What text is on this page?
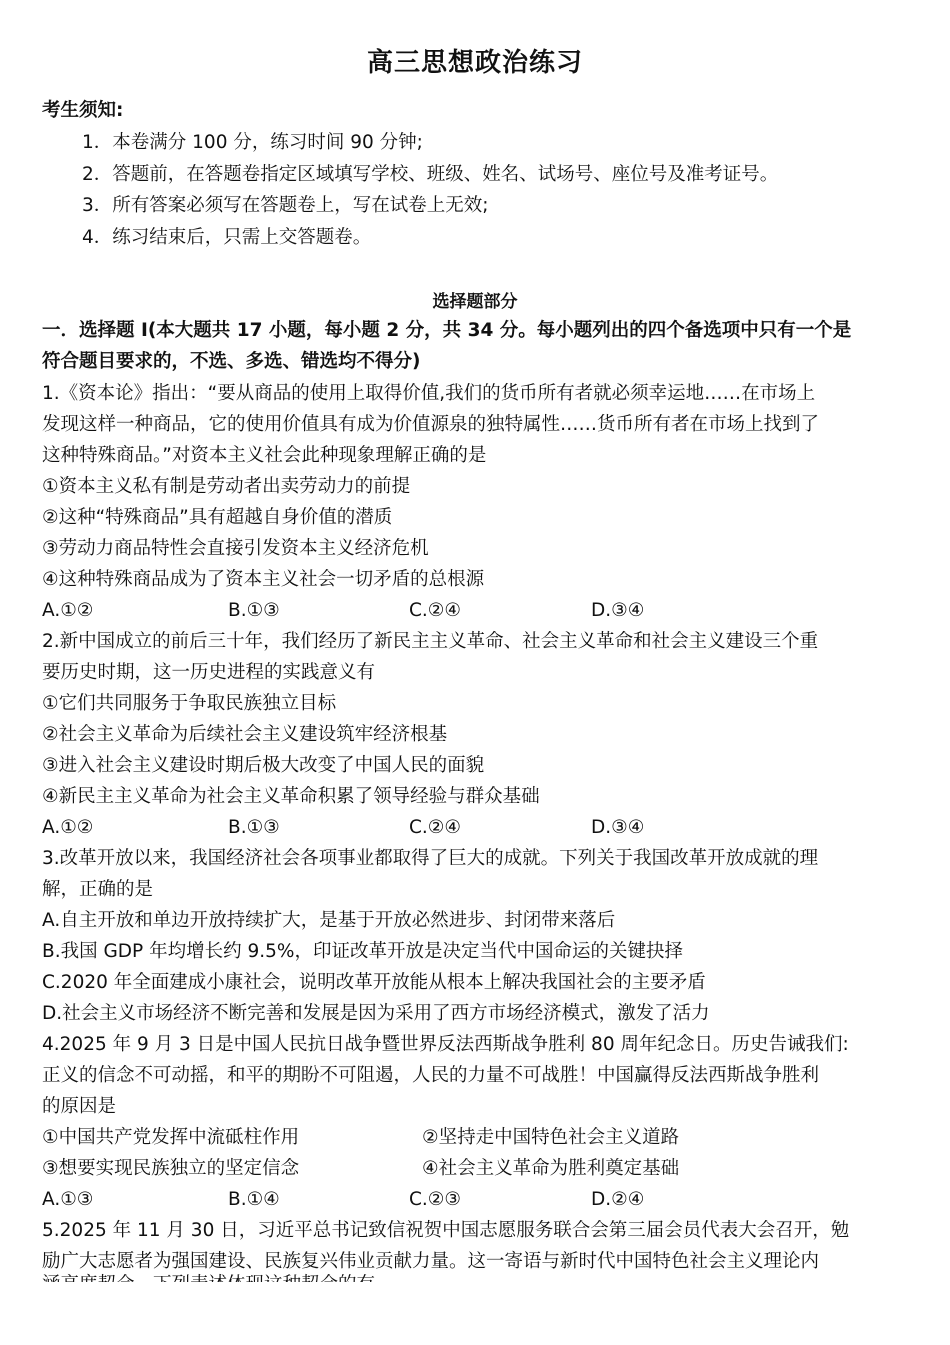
高三思想政治练习
考生须知:
1．本卷满分 100 分，练习时间 90 分钟;
2．答题前，在答题卷指定区域填写学校、班级、姓名、试场号、座位号及准考证号。
3．所有答案必须写在答题卷上，写在试卷上无效;
4．练习结束后，只需上交答题卷。
选择题部分
一．选择题 I(本大题共 17 小题，每小题 2 分，共 34 分。每小题列出的四个备选项中只有一个是
符合题目要求的，不选、多选、错选均不得分)
1.《资本论》指出：“要从商品的使用上取得价值,我们的货币所有者就必须幸运地……在市场上
发现这样一种商品，它的使用价值具有成为价值源泉的独特属性……货币所有者在市场上找到了
这种特殊商品。”对资本主义社会此种现象理解正确的是
①资本主义私有制是劳动者出卖劳动力的前提
②这种“特殊商品”具有超越自身价值的潜质
③劳动力商品特性会直接引发资本主义经济危机
④这种特殊商品成为了资本主义社会一切矛盾的总根源
A.①②	B.①③	C.②④	D.③④
2.新中国成立的前后三十年，我们经历了新民主主义革命、社会主义革命和社会主义建设三个重
要历史时期，这一历史进程的实践意义有
①它们共同服务于争取民族独立目标
②社会主义革命为后续社会主义建设筑牢经济根基
③进入社会主义建设时期后极大改变了中国人民的面貌
④新民主主义革命为社会主义革命积累了领导经验与群众基础
A.①②	B.①③	C.②④	D.③④
3.改革开放以来，我国经济社会各项事业都取得了巨大的成就。下列关于我国改革开放成就的理
解，正确的是
A.自主开放和单边开放持续扩大，是基于开放必然进步、封闭带来落后
B.我国 GDP 年均增长约 9.5%，印证改革开放是决定当代中国命运的关键抉择
C.2020 年全面建成小康社会，说明改革开放能从根本上解决我国社会的主要矛盾
D.社会主义市场经济不断完善和发展是因为采用了西方市场经济模式，激发了活力
4.2025 年 9 月 3 日是中国人民抗日战争暨世界反法西斯战争胜利 80 周年纪念日。历史告诫我们:
正义的信念不可动摇，和平的期盼不可阻遏，人民的力量不可战胜！中国赢得反法西斯战争胜利
的原因是
①中国共产党发挥中流砥柱作用	②坚持走中国特色社会主义道路
③想要实现民族独立的坚定信念	④社会主义革命为胜利奠定基础
A.①③	B.①④	C.②③	D.②④
5.2025 年 11 月 30 日，习近平总书记致信祝贺中国志愿服务联合会第三届会员代表大会召开，勉
励广大志愿者为强国建设、民族复兴伟业贡献力量。这一寄语与新时代中国特色社会主义理论内
